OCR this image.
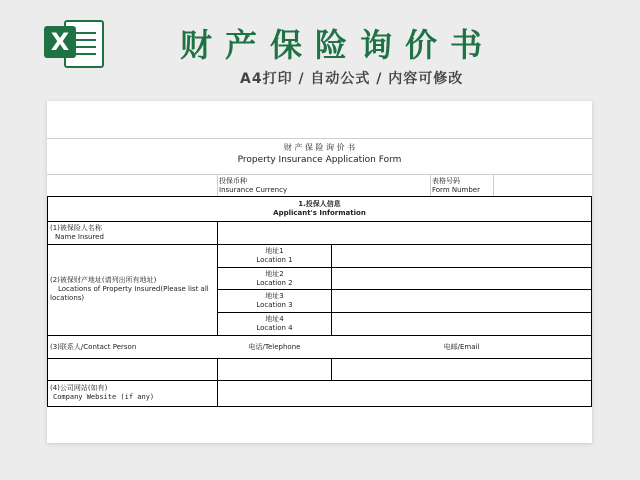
X	财产保险询价书
A4打印 / 自动公式 / 内容可修改
财 产 保 险 询 价 书
Property Insurance Application Form
投保币种
Insurance Currency
表格号码
Form Number
1.投保人信息
Applicant's Information
(1)被保险人名称
Name Insured
(2)被保财产地址(请列出所有地址)
Locations of Property Insured(Please list all locations)
地址1
Location 1
地址2
Location 2
地址3
Location 3
地址4
Location 4
(3)联系人/Contact Person	电话/Telephone	电邮/Email
(4)公司网站(如有)
Company Website (if any)
